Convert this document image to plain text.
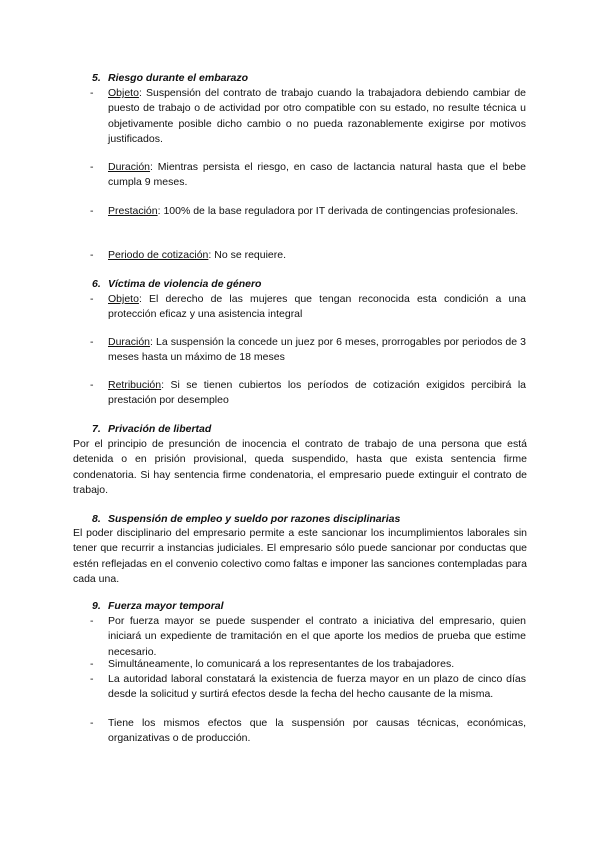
5. Riesgo durante el embarazo
- Objeto: Suspensión del contrato de trabajo cuando la trabajadora debiendo cambiar de puesto de trabajo o de actividad por otro compatible con su estado, no resulte técnica u objetivamente posible dicho cambio o no pueda razonablemente exigirse por motivos justificados.
- Duración: Mientras persista el riesgo, en caso de lactancia natural hasta que el bebe cumpla 9 meses.
- Prestación: 100% de la base reguladora por IT derivada de contingencias profesionales.
- Periodo de cotización: No se requiere.
6. Víctima de violencia de género
- Objeto: El derecho de las mujeres que tengan reconocida esta condición a una protección eficaz y una asistencia integral
- Duración: La suspensión la concede un juez por 6 meses, prorrogables por periodos de 3 meses hasta un máximo de 18 meses
- Retribución: Si se tienen cubiertos los períodos de cotización exigidos percibirá la prestación por desempleo
7. Privación de libertad
Por el principio de presunción de inocencia el contrato de trabajo de una persona que está detenida o en prisión provisional, queda suspendido, hasta que exista sentencia firme condenatoria. Si hay sentencia firme condenatoria, el empresario puede extinguir el contrato de trabajo.
8. Suspensión de empleo y sueldo por razones disciplinarias
El poder disciplinario del empresario permite a este sancionar los incumplimientos laborales sin tener que recurrir a instancias judiciales. El empresario sólo puede sancionar por conductas que estén reflejadas en el convenio colectivo como faltas e imponer las sanciones contempladas para cada una.
9. Fuerza mayor temporal
- Por fuerza mayor se puede suspender el contrato a iniciativa del empresario, quien iniciará un expediente de tramitación en el que aporte los medios de prueba que estime necesario.
- Simultáneamente, lo comunicará a los representantes de los trabajadores.
- La autoridad laboral constatará la existencia de fuerza mayor en un plazo de cinco días desde la solicitud y surtirá efectos desde la fecha del hecho causante de la misma.
- Tiene los mismos efectos que la suspensión por causas técnicas, económicas, organizativas o de producción.
